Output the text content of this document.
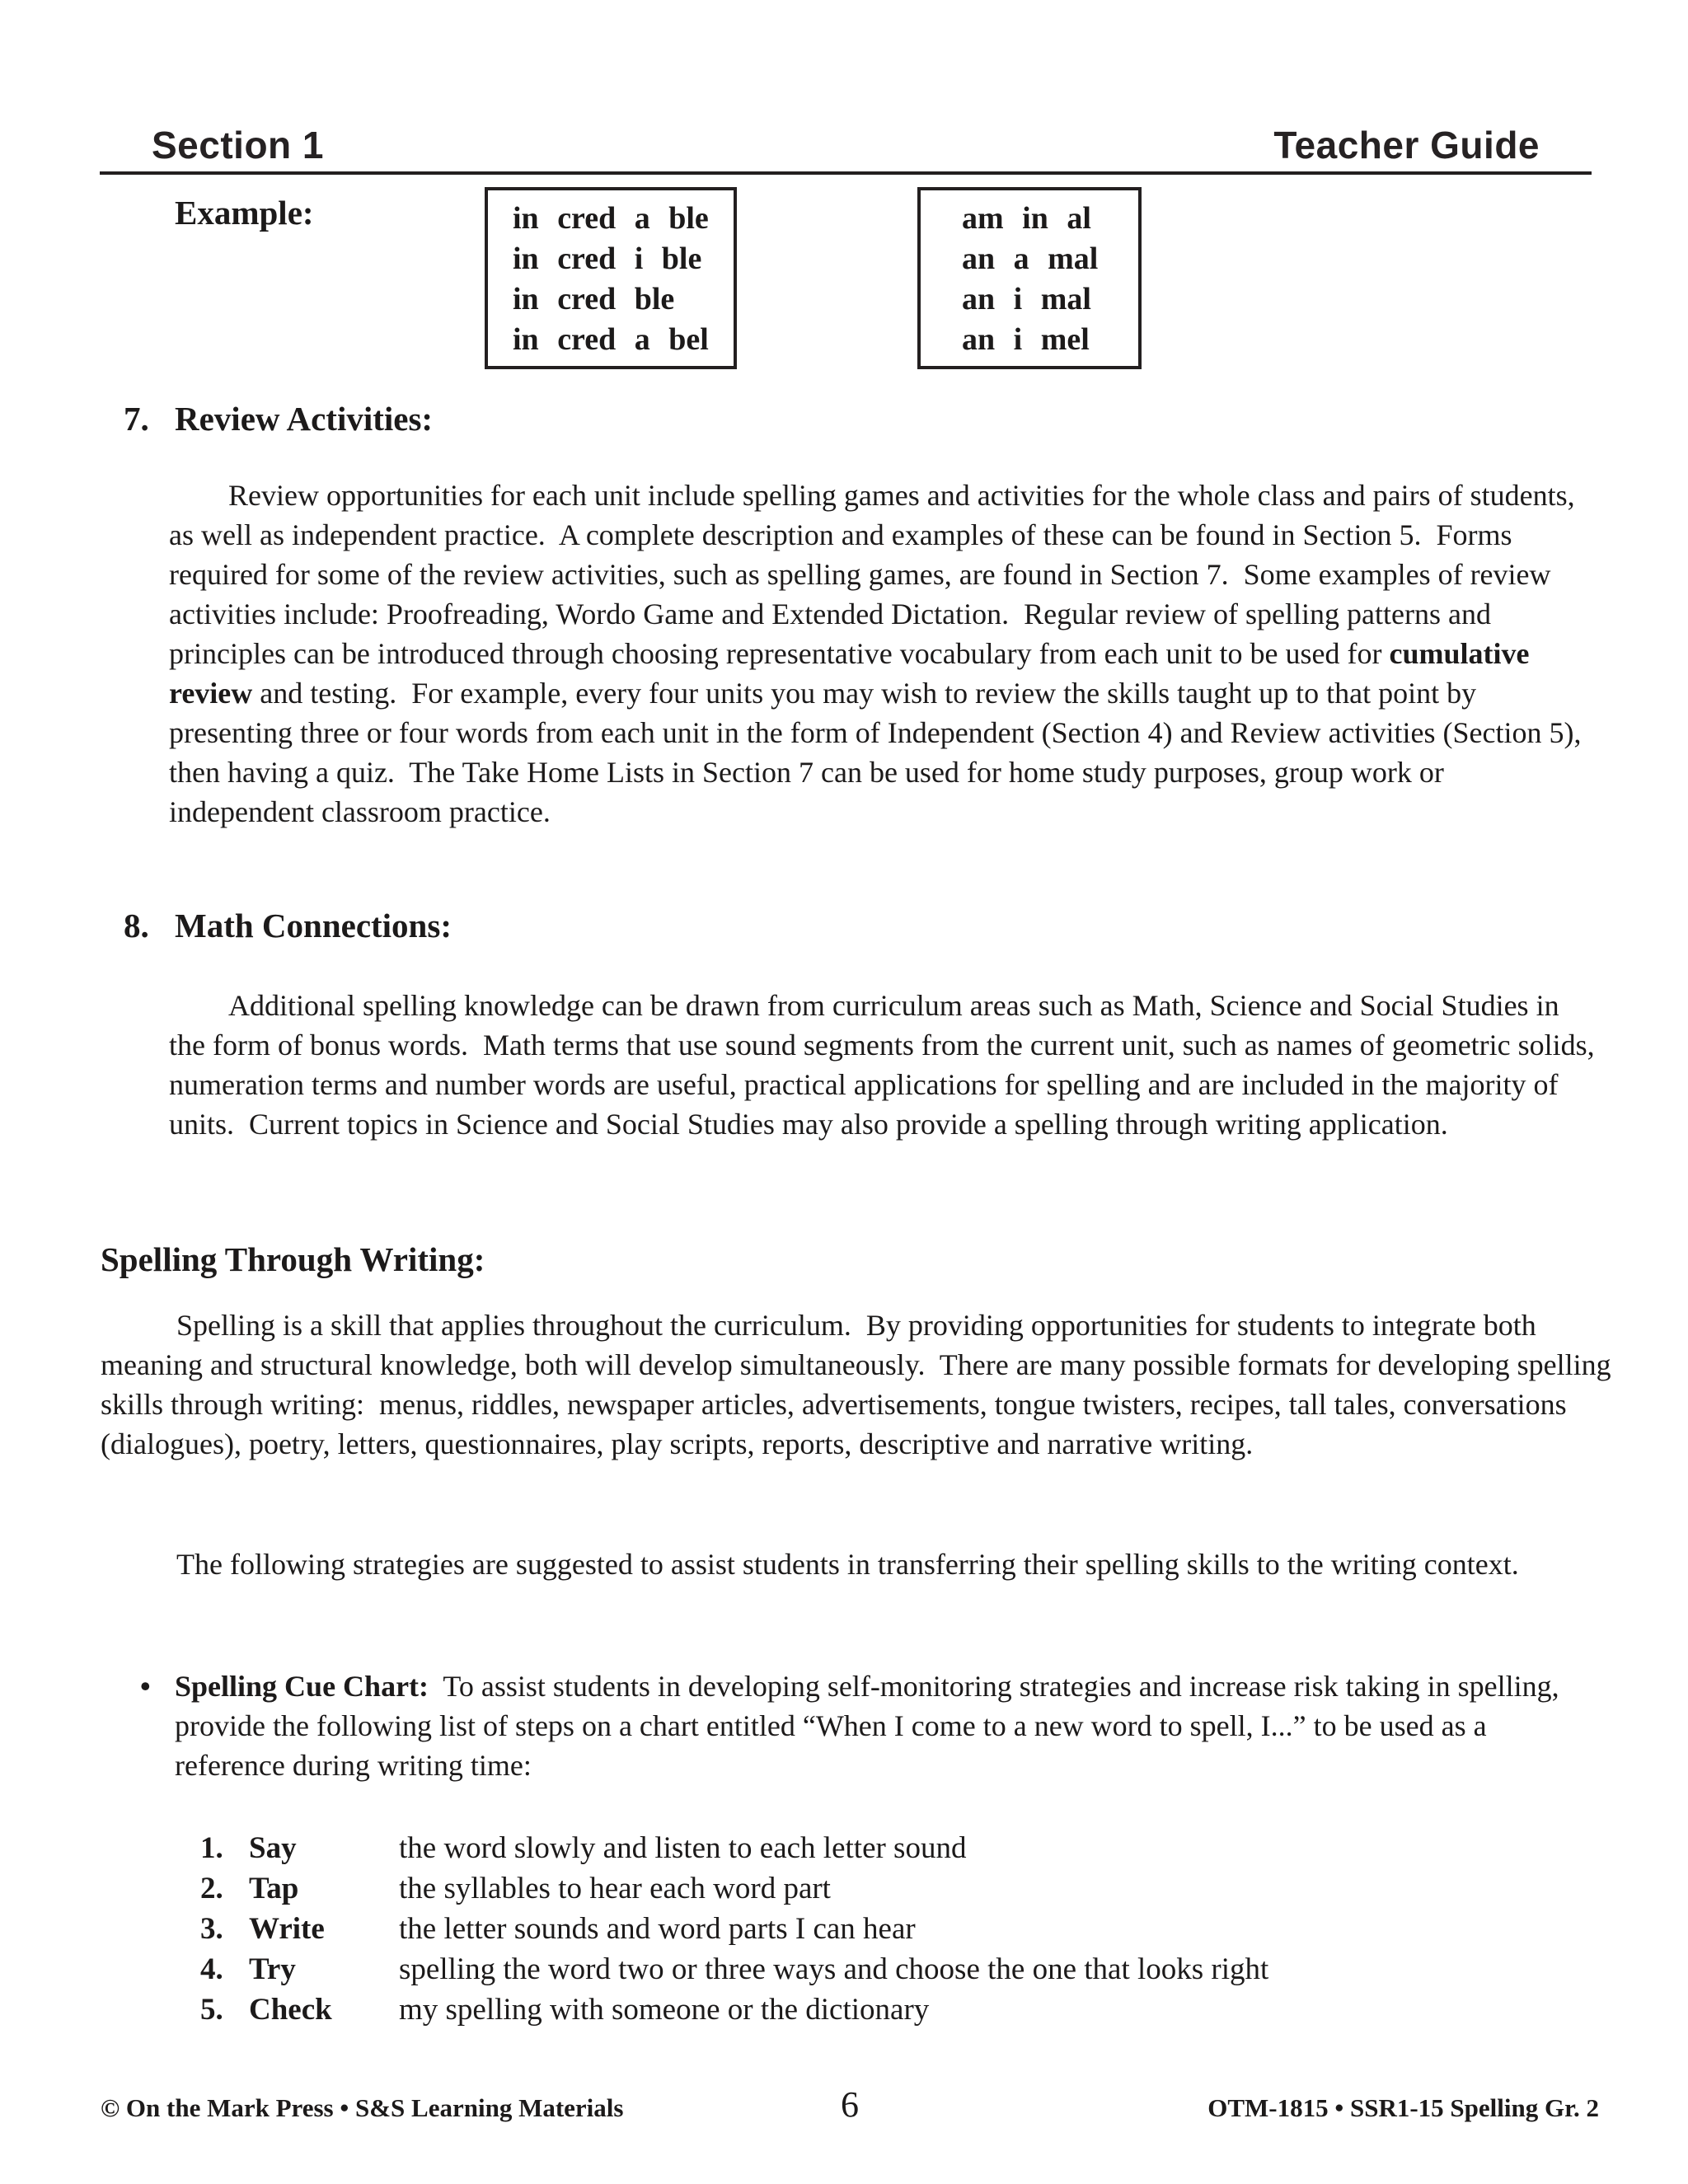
Section 1	Teacher Guide
Example:	in cred a ble
in cred i ble
in cred ble
in cred a bel
am in al
an a mal
an i mal
an i mel
7. Review Activities:

Review opportunities for each unit include spelling games and activities for the whole class and pairs of students, as well as independent practice.  A complete description and examples of these can be found in Section 5.  Forms required for some of the review activities, such as spelling games, are found in Section 7.  Some examples of review activities include: Proofreading, Wordo Game and Extended Dictation.  Regular review of spelling patterns and principles can be introduced through choosing representative vocabulary from each unit to be used for cumulative review and testing.  For example, every four units you may wish to review the skills taught up to that point by presenting three or four words from each unit in the form of Independent (Section 4) and Review activities (Section 5), then having a quiz.  The Take Home Lists in Section 7 can be used for home study purposes, group work or independent classroom practice.

8. Math Connections:

Additional spelling knowledge can be drawn from curriculum areas such as Math, Science and Social Studies in the form of bonus words.  Math terms that use sound segments from the current unit, such as names of geometric solids, numeration terms and number words are useful, practical applications for spelling and are included in the majority of units.  Current topics in Science and Social Studies may also provide a spelling through writing application.

Spelling Through Writing:

Spelling is a skill that applies throughout the curriculum.  By providing opportunities for students to integrate both meaning and structural knowledge, both will develop simultaneously.  There are many possible formats for developing spelling skills through writing:  menus, riddles, newspaper articles, advertisements, tongue twisters, recipes, tall tales, conversations (dialogues), poetry, letters, questionnaires, play scripts, reports, descriptive and narrative writing.

The following strategies are suggested to assist students in transferring their spelling skills to the writing context.

• Spelling Cue Chart:  To assist students in developing self-monitoring strategies and increase risk taking in spelling, provide the following list of steps on a chart entitled “When I come to a new word to spell, I...” to be used as a reference during writing time:
1. Say	the word slowly and listen to each letter sound
2. Tap	the syllables to hear each word part
3. Write	the letter sounds and word parts I can hear
4. Try	spelling the word two or three ways and choose the one that looks right
5. Check	my spelling with someone or the dictionary
© On the Mark Press • S&S Learning Materials	6	OTM-1815 • SSR1-15 Spelling Gr. 2
